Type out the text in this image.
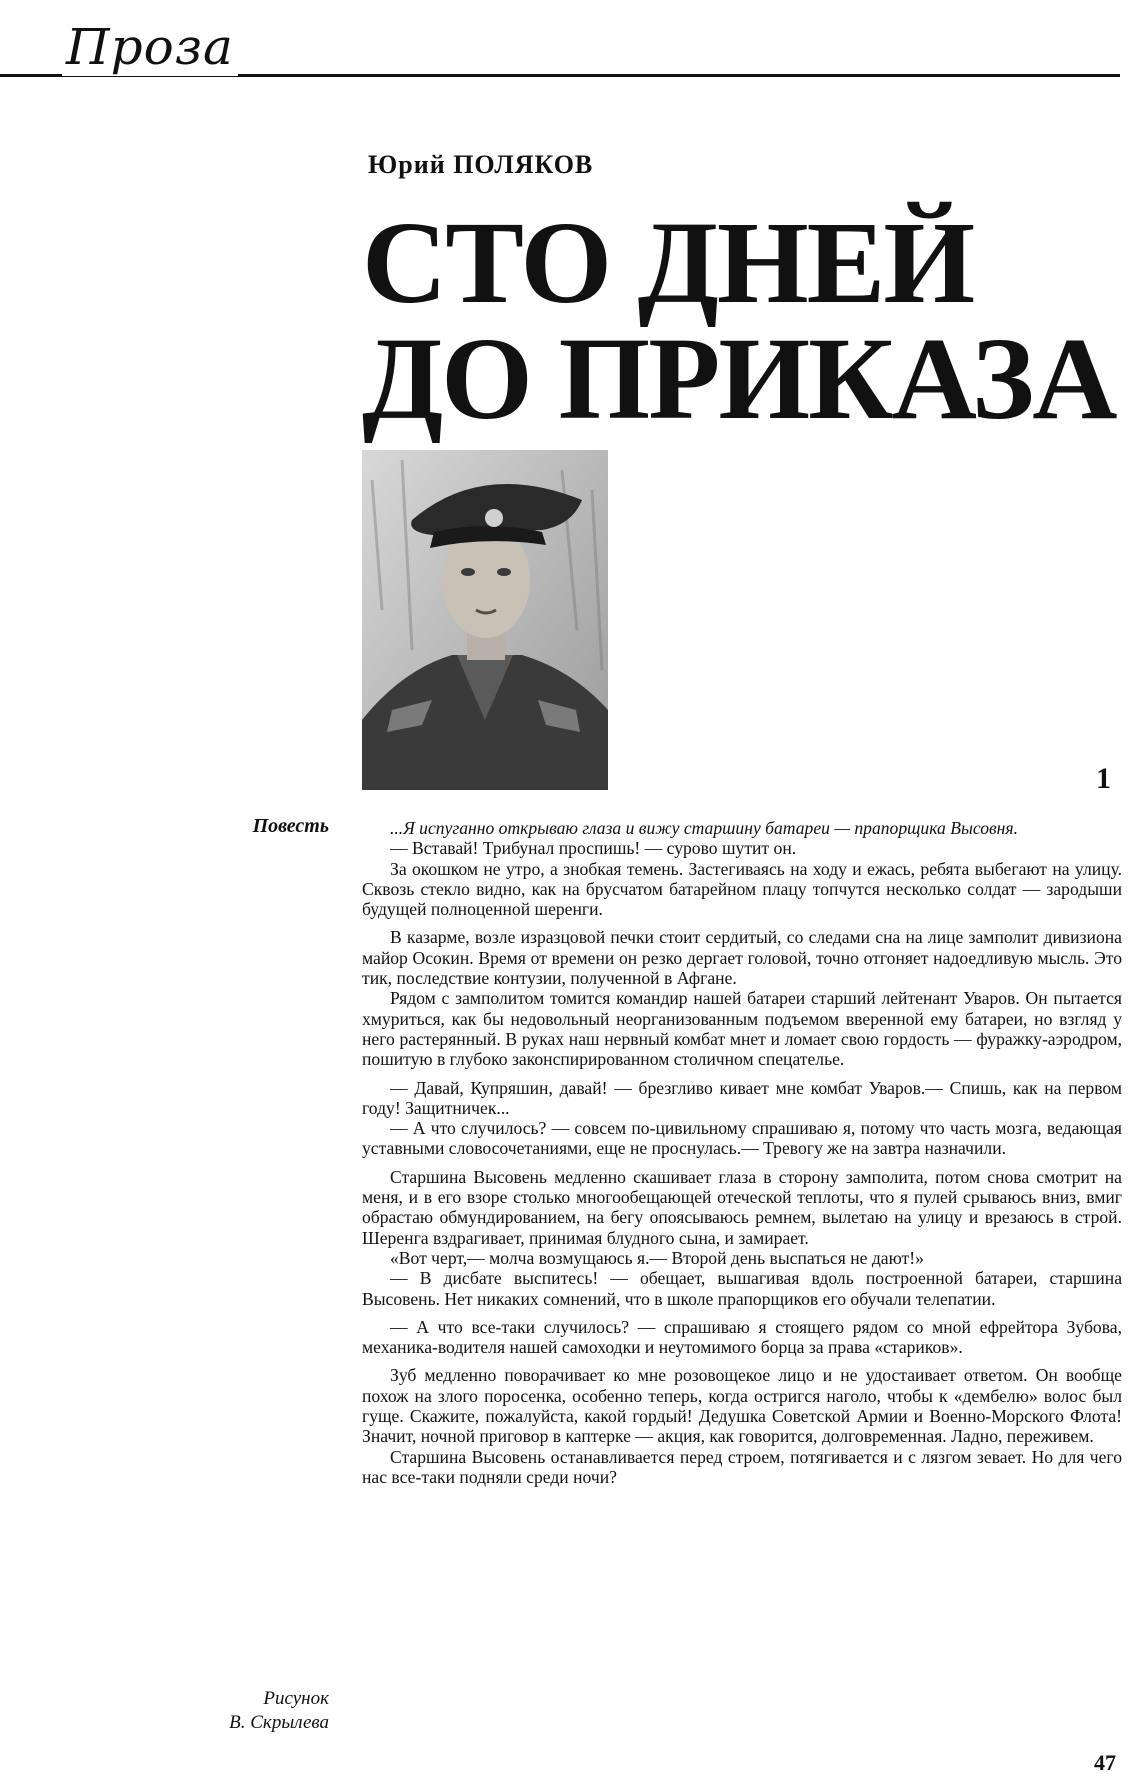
Проза
Юрий ПОЛЯКОВ
СТО ДНЕЙ
ДО ПРИКАЗА
1
Повесть
Рисунок
В. Скрылева

...Я испуганно открываю глаза и вижу старшину батареи — прапорщика Высовня.

— Вставай! Трибунал проспишь! — сурово шутит он.

За окошком не утро, а знобкая темень. Застегиваясь на ходу и ежась, ребята выбегают на улицу. Сквозь стекло видно, как на брусчатом батарейном плацу топчутся несколько солдат — зародыши будущей полноценной шеренги.

В казарме, возле изразцовой печки стоит сердитый, со следами сна на лице замполит дивизиона майор Осокин. Время от времени он резко дергает головой, точно отгоняет надоедливую мысль. Это тик, последствие контузии, полученной в Афгане.

Рядом с замполитом томится командир нашей батареи старший лейтенант Уваров. Он пытается хмуриться, как бы недовольный неорганизованным подъемом вверенной ему батареи, но взгляд у него растерянный. В руках наш нервный комбат мнет и ломает свою гордость — фуражку-аэродром, пошитую в глубоко законспирированном столичном спецателье.

— Давай, Купряшин, давай! — брезгливо кивает мне комбат Уваров.— Спишь, как на первом году! Защитничек...

— А что случилось? — совсем по-цивильному спрашиваю я, потому что часть мозга, ведающая уставными словосочетаниями, еще не проснулась.— Тревогу же на завтра назначили.

Старшина Высовень медленно скашивает глаза в сторону замполита, потом снова смотрит на меня, и в его взоре столько многообещающей отеческой теплоты, что я пулей срываюсь вниз, вмиг обрастаю обмундированием, на бегу опоясываюсь ремнем, вылетаю на улицу и врезаюсь в строй. Шеренга вздрагивает, принимая блудного сына, и замирает.

«Вот черт,— молча возмущаюсь я.— Второй день выспаться не дают!»

— В дисбате выспитесь! — обещает, вышагивая вдоль построенной батареи, старшина Высовень. Нет никаких сомнений, что в школе прапорщиков его обучали телепатии.

— А что все-таки случилось? — спрашиваю я стоящего рядом со мной ефрейтора Зубова, механика-водителя нашей самоходки и неутомимого борца за права «стариков».

Зуб медленно поворачивает ко мне розовощекое лицо и не удостаивает ответом. Он вообще похож на злого поросенка, особенно теперь, когда остригся наголо, чтобы к «дембелю» волос был гуще. Скажите, пожалуйста, какой гордый! Дедушка Советской Армии и Военно-Морского Флота! Значит, ночной приговор в каптерке — акция, как говорится, долговременная. Ладно, переживем.

Старшина Высовень останавливается перед строем, потягивается и с лязгом зевает. Но для чего нас все-таки подняли среди ночи?

47
